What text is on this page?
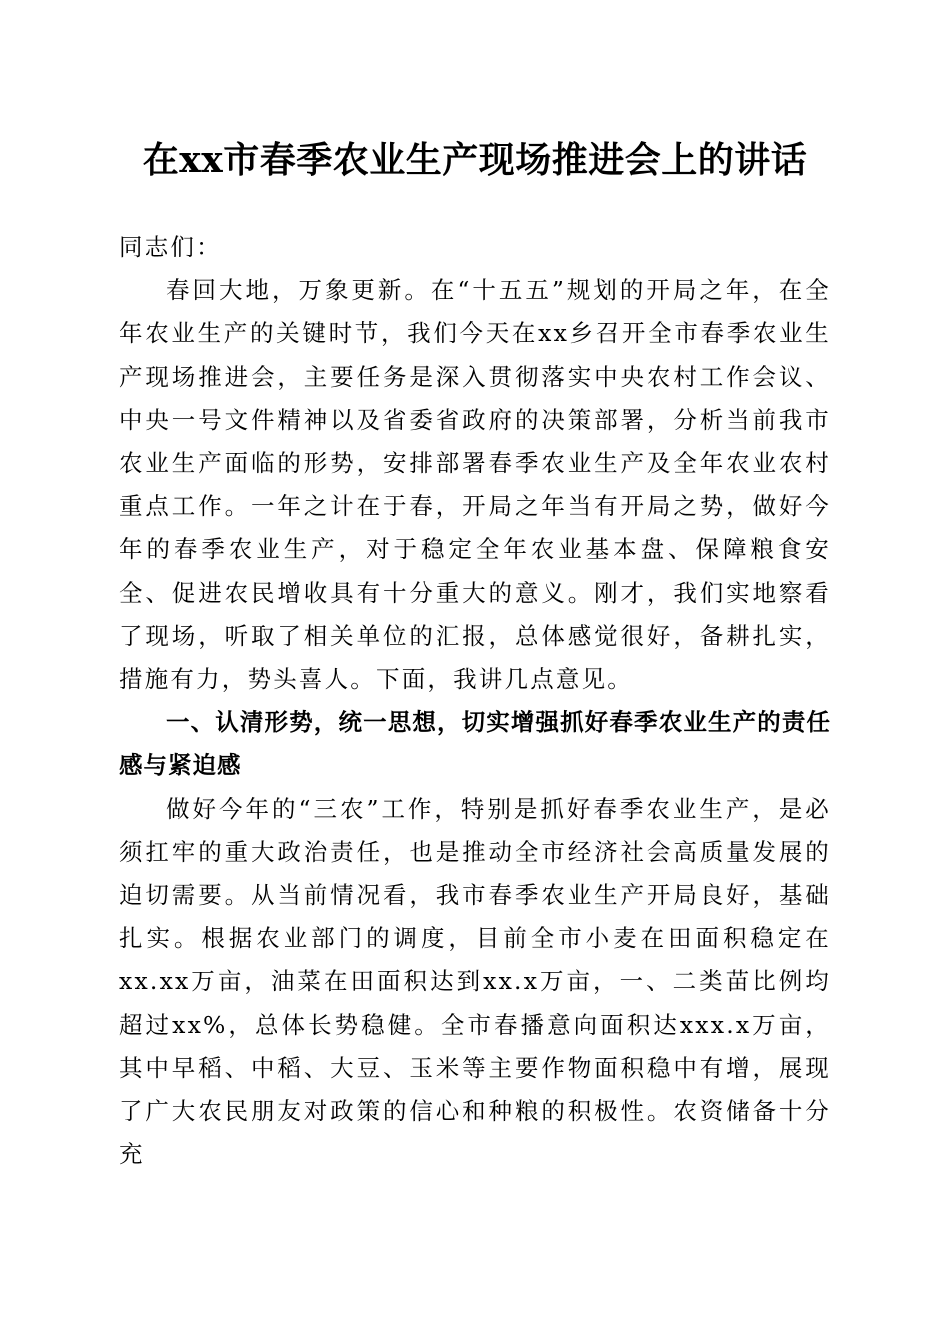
在xx市春季农业生产现场推进会上的讲话

同志们：

春回大地，万象更新。在“十五五”规划的开局之年，在全年农业生产的关键时节，我们今天在xx乡召开全市春季农业生产现场推进会，主要任务是深入贯彻落实中央农村工作会议、中央一号文件精神以及省委省政府的决策部署，分析当前我市农业生产面临的形势，安排部署春季农业生产及全年农业农村重点工作。一年之计在于春，开局之年当有开局之势，做好今年的春季农业生产，对于稳定全年农业基本盘、保障粮食安全、促进农民增收具有十分重大的意义。刚才，我们实地察看了现场，听取了相关单位的汇报，总体感觉很好，备耕扎实，措施有力，势头喜人。下面，我讲几点意见。

一、认清形势，统一思想，切实增强抓好春季农业生产的责任感与紧迫感

做好今年的“三农”工作，特别是抓好春季农业生产，是必须扛牢的重大政治责任，也是推动全市经济社会高质量发展的迫切需要。从当前情况看，我市春季农业生产开局良好，基础扎实。根据农业部门的调度，目前全市小麦在田面积稳定在xx.xx万亩，油菜在田面积达到xx.x万亩，一、二类苗比例均超过xx%，总体长势稳健。全市春播意向面积达xxx.x万亩，其中早稻、中稻、大豆、玉米等主要作物面积稳中有增，展现了广大农民朋友对政策的信心和种粮的积极性。农资储备十分充
